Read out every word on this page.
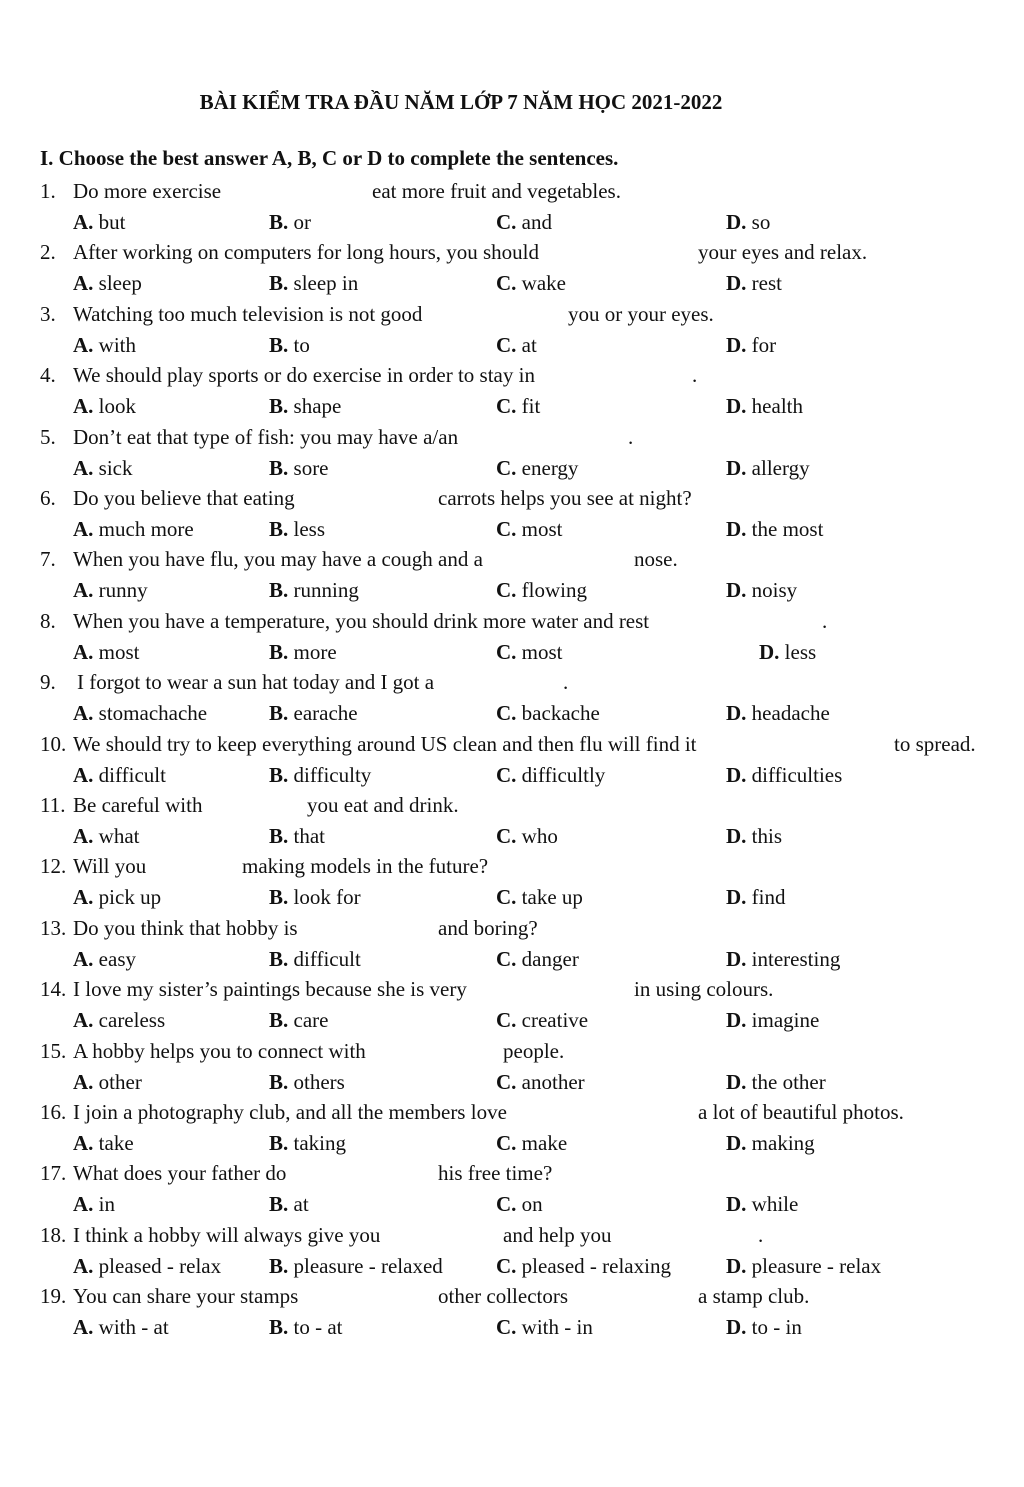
BÀI KIỂM TRA ĐẦU NĂM LỚP 7 NĂM HỌC 2021-2022
I. Choose the best answer A, B, C or D to complete the sentences.
1. Do more exercise	eat more fruit and vegetables.
A. but	B. or	C. and	D. so
2. After working on computers for long hours, you should	your eyes and relax.
A. sleep	B. sleep in	C. wake	D. rest
3. Watching too much television is not good	you or your eyes.
A. with	B. to	C. at	D. for
4. We should play sports or do exercise in order to stay in	.
A. look	B. shape	C. fit	D. health
5. Don’t eat that type of fish: you may have a/an	.
A. sick	B. sore	C. energy	D. allergy
6. Do you believe that eating	carrots helps you see at night?
A. much more	B. less	C. most	D. the most
7. When you have flu, you may have a cough and a	nose.
A. runny	B. running	C. flowing	D. noisy
8. When you have a temperature, you should drink more water and rest	.
A. most	B. more	C. most	D. less
9. I forgot to wear a sun hat today and I got a	.
A. stomachache	B. earache	C. backache	D. headache
10. We should try to keep everything around US clean and then flu will find it	to spread.
A. difficult	B. difficulty	C. difficultly	D. difficulties
11. Be careful with	you eat and drink.
A. what	B. that	C. who	D. this
12. Will you	making models in the future?
A. pick up	B. look for	C. take up	D. find
13. Do you think that hobby is	and boring?
A. easy	B. difficult	C. danger	D. interesting
14. I love my sister’s paintings because she is very	in using colours.
A. careless	B. care	C. creative	D. imagine
15. A hobby helps you to connect with	people.
A. other	B. others	C. another	D. the other
16. I join a photography club, and all the members love	a lot of beautiful photos.
A. take	B. taking	C. make	D. making
17. What does your father do	his free time?
A. in	B. at	C. on	D. while
18. I think a hobby will always give you	and help you	.
A. pleased - relax B. pleasure - relaxed	C. pleased - relaxing	D. pleasure - relax
19. You can share your stamps	other collectors	a stamp club.
A. with - at	B. to - at	C. with - in	D. to - in
